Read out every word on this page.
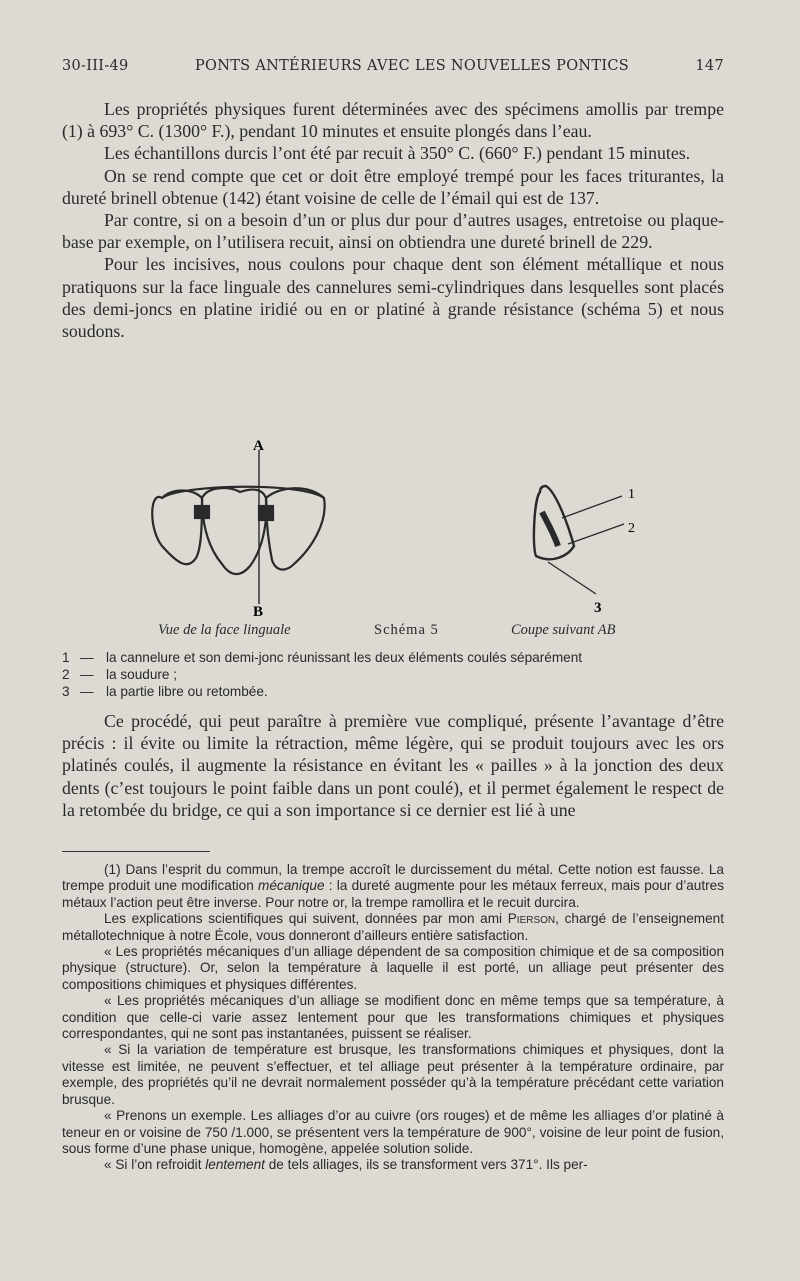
30-III-49	PONTS ANTÉRIEURS AVEC LES NOUVELLES PONTICS	147

Les propriétés physiques furent déterminées avec des spécimens amollis par trempe (1) à 693° C. (1300° F.), pendant 10 minutes et ensuite plongés dans l’eau.

Les échantillons durcis l’ont été par recuit à 350° C. (660° F.) pendant 15 minutes.

On se rend compte que cet or doit être employé trempé pour les faces triturantes, la dureté brinell obtenue (142) étant voisine de celle de l’émail qui est de 137.

Par contre, si on a besoin d’un or plus dur pour d’autres usages, entretoise ou plaque-base par exemple, on l’utilisera recuit, ainsi on obtiendra une dureté brinell de 229.

Pour les incisives, nous coulons pour chaque dent son élément métallique et nous pratiquons sur la face linguale des cannelures semi-cylindriques dans lesquelles sont placés des demi-joncs en platine iridié ou en or platiné à grande résistance (schéma 5) et nous soudons.

A
B
1
2
3
Vue de la face linguale	Schéma 5	Coupe suivant AB
1 — la cannelure et son demi-jonc réunissant les deux éléments coulés séparément
2 — la soudure ;
3 — la partie libre ou retombée.

Ce procédé, qui peut paraître à première vue compliqué, présente l’avantage d’être précis : il évite ou limite la rétraction, même légère, qui se produit toujours avec les ors platinés coulés, il augmente la résistance en évitant les « pailles » à la jonction des deux dents (c’est toujours le point faible dans un pont coulé), et il permet également le respect de la retombée du bridge, ce qui a son importance si ce dernier est lié à une

(1) Dans l’esprit du commun, la trempe accroît le durcissement du métal. Cette notion est fausse. La trempe produit une modification mécanique : la dureté augmente pour les métaux ferreux, mais pour d’autres métaux l’action peut être inverse. Pour notre or, la trempe ramollira et le recuit durcira.

Les explications scientifiques qui suivent, données par mon ami Pierson, chargé de l’enseignement métallotechnique à notre École, vous donneront d’ailleurs entière satisfaction.

« Les propriétés mécaniques d’un alliage dépendent de sa composition chimique et de sa composition physique (structure). Or, selon la température à laquelle il est porté, un alliage peut présenter des compositions chimiques et physiques différentes.

« Les propriétés mécaniques d’un alliage se modifient donc en même temps que sa température, à condition que celle-ci varie assez lentement pour que les transformations chimiques et physiques correspondantes, qui ne sont pas instantanées, puissent se réaliser.

« Si la variation de température est brusque, les transformations chimiques et physiques, dont la vitesse est limitée, ne peuvent s’effectuer, et tel alliage peut présenter à la température ordinaire, par exemple, des propriétés qu’il ne devrait normalement posséder qu’à la température précédant cette variation brusque.

« Prenons un exemple. Les alliages d’or au cuivre (ors rouges) et de même les alliages d’or platiné à teneur en or voisine de 750 /1.000, se présentent vers la température de 900°, voisine de leur point de fusion, sous forme d’une phase unique, homogène, appelée solution solide.

« Si l’on refroidit lentement de tels alliages, ils se transforment vers 371°. Ils per-
